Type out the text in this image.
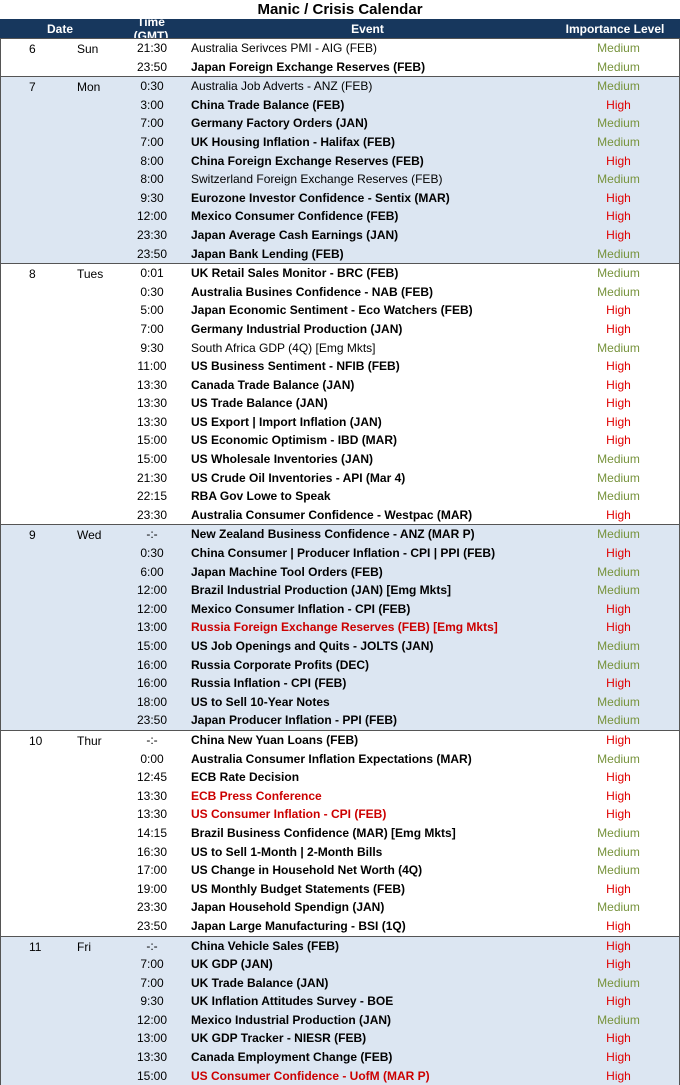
Manic / Crisis Calendar
Date	Time (GMT)	Event	Importance Level
6	Sun	21:30	Australia Serivces PMI - AIG (FEB)	Medium
23:50	Japan Foreign Exchange Reserves (FEB)	Medium
7	Mon	0:30	Australia Job Adverts - ANZ (FEB)	Medium
3:00	China Trade Balance (FEB)	High
7:00	Germany Factory Orders (JAN)	Medium
7:00	UK Housing Inflation - Halifax (FEB)	Medium
8:00	China Foreign Exchange Reserves (FEB)	High
8:00	Switzerland Foreign Exchange Reserves (FEB)	Medium
9:30	Eurozone Investor Confidence - Sentix (MAR)	High
12:00	Mexico Consumer Confidence (FEB)	High
23:30	Japan Average Cash Earnings (JAN)	High
23:50	Japan Bank Lending (FEB)	Medium
8	Tues	0:01	UK Retail Sales Monitor - BRC (FEB)	Medium
0:30	Australia Busines Confidence - NAB (FEB)	Medium
5:00	Japan Economic Sentiment - Eco Watchers (FEB)	High
7:00	Germany Industrial Production (JAN)	High
9:30	South Africa GDP (4Q) [Emg Mkts]	Medium
11:00	US Business Sentiment - NFIB (FEB)	High
13:30	Canada Trade Balance (JAN)	High
13:30	US Trade Balance (JAN)	High
13:30	US Export | Import Inflation (JAN)	High
15:00	US Economic Optimism - IBD (MAR)	High
15:00	US Wholesale Inventories (JAN)	Medium
21:30	US Crude Oil Inventories - API (Mar 4)	Medium
22:15	RBA Gov Lowe to Speak	Medium
23:30	Australia Consumer Confidence - Westpac (MAR)	High
9	Wed	-:-	New Zealand Business Confidence - ANZ (MAR P)	Medium
0:30	China Consumer | Producer Inflation - CPI | PPI (FEB)	High
6:00	Japan Machine Tool Orders (FEB)	Medium
12:00	Brazil Industrial Production (JAN) [Emg Mkts]	Medium
12:00	Mexico Consumer Inflation - CPI (FEB)	High
13:00	Russia Foreign Exchange Reserves (FEB) [Emg Mkts]	High
15:00	US Job Openings and Quits - JOLTS (JAN)	Medium
16:00	Russia Corporate Profits (DEC)	Medium
16:00	Russia Inflation - CPI (FEB)	High
18:00	US to Sell 10-Year Notes	Medium
23:50	Japan Producer Inflation - PPI (FEB)	Medium
10	Thur	-:-	China New Yuan Loans (FEB)	High
0:00	Australia Consumer Inflation Expectations (MAR)	Medium
12:45	ECB Rate Decision	High
13:30	ECB Press Conference	High
13:30	US Consumer Inflation - CPI (FEB)	High
14:15	Brazil Business Confidence (MAR) [Emg Mkts]	Medium
16:30	US to Sell 1-Month | 2-Month Bills	Medium
17:00	US Change in Household Net Worth (4Q)	Medium
19:00	US Monthly Budget Statements (FEB)	High
23:30	Japan Household Spendign (JAN)	Medium
23:50	Japan Large Manufacturing - BSI (1Q)	High
11	Fri	-:-	China Vehicle Sales (FEB)	High
7:00	UK GDP (JAN)	High
7:00	UK Trade Balance (JAN)	Medium
9:30	UK Inflation Attitudes Survey - BOE	High
12:00	Mexico Industrial Production (JAN)	Medium
13:00	UK GDP Tracker - NIESR (FEB)	High
13:30	Canada Employment Change (FEB)	High
15:00	US Consumer Confidence - UofM (MAR P)	High
